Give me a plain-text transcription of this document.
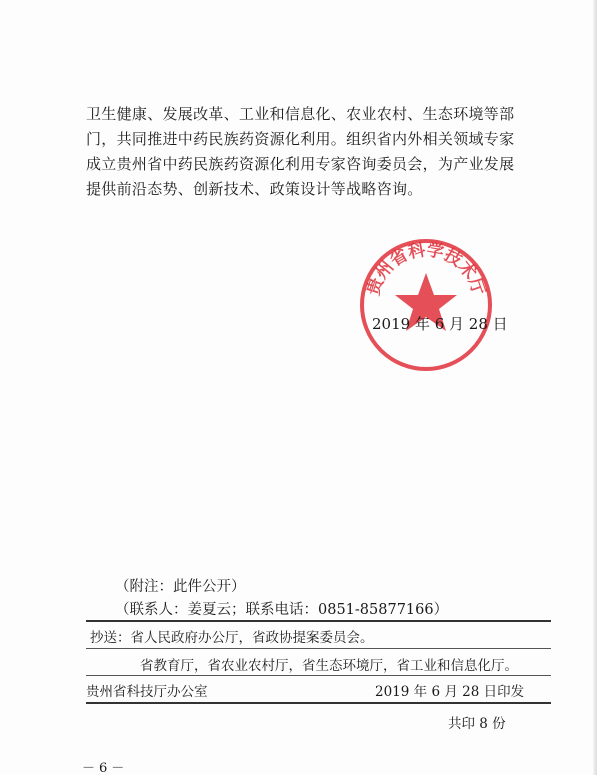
卫生健康、发展改革、工业和信息化、农业农村、生态环境等部

门，共同推进中药民族药资源化利用。组织省内外相关领域专家

成立贵州省中药民族药资源化利用专家咨询委员会，为产业发展

提供前沿态势、创新技术、政策设计等战略咨询。

贵州省科学技术厅
2019 年 6 月 28 日
（附注：此件公开）
（联系人：姜夏云；联系电话：0851-85877166）
抄送：省人民政府办公厅，省政协提案委员会。
省教育厅，省农业农村厅，省生态环境厅，省工业和信息化厅。
贵州省科技厅办公室	2019 年 6 月 28 日印发
共印 8 份
－6－
